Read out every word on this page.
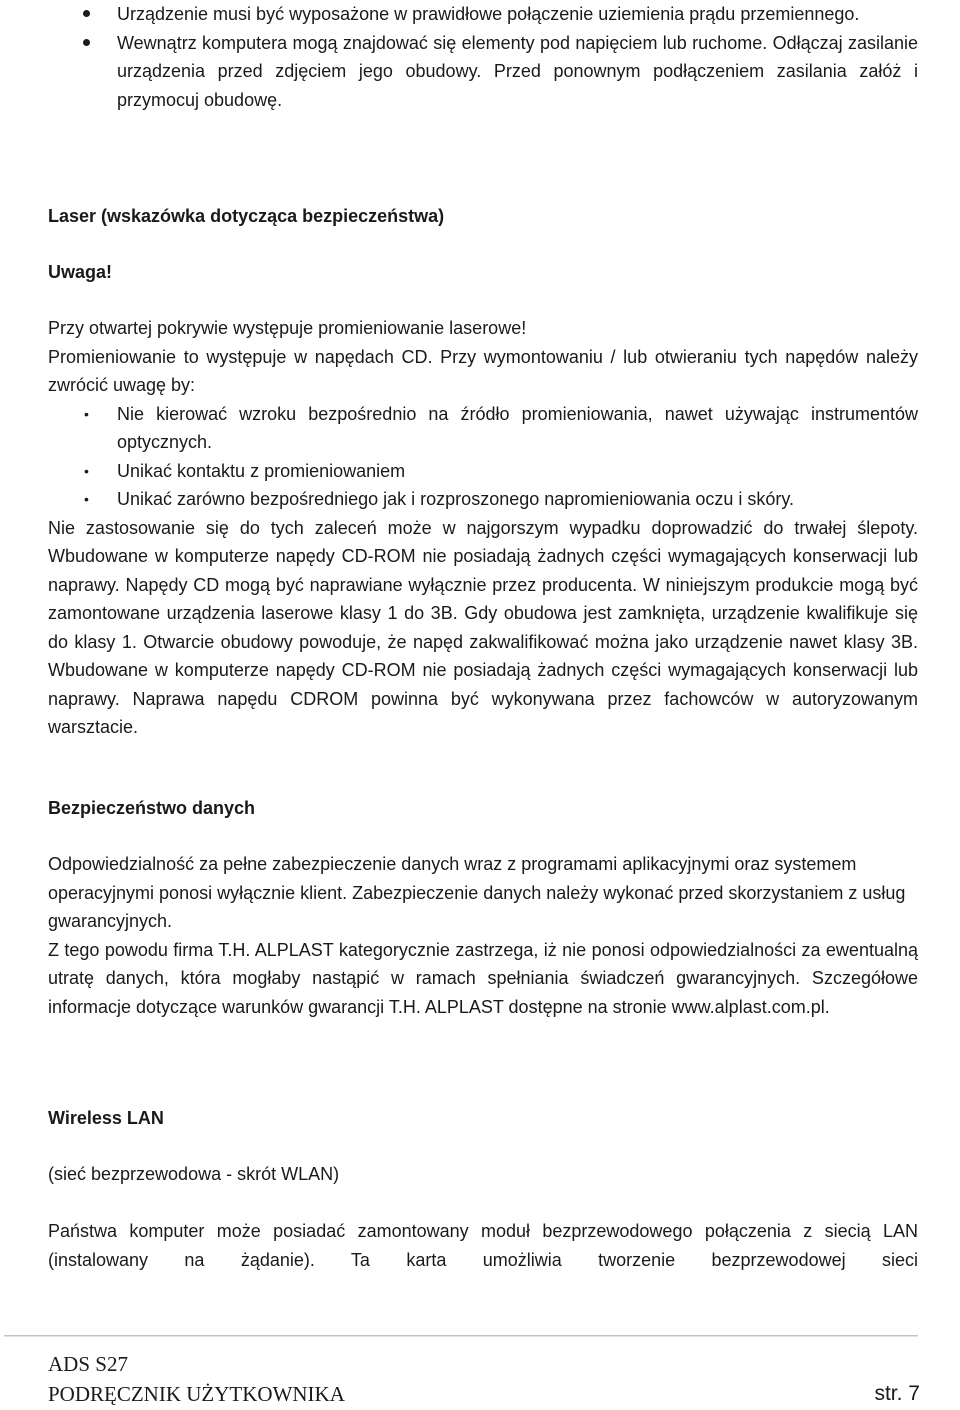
Urządzenie musi być wyposażone w prawidłowe połączenie uziemienia prądu przemiennego.
Wewnątrz komputera mogą znajdować się elementy pod napięciem lub ruchome. Odłączaj zasilanie urządzenia przed zdjęciem jego obudowy. Przed ponownym podłączeniem zasilania załóż i przymocuj obudowę.

Laser (wskazówka dotycząca bezpieczeństwa)

Uwaga!

Przy otwartej pokrywie występuje promieniowanie laserowe!

Promieniowanie to występuje w napędach CD. Przy wymontowaniu / lub otwieraniu tych napędów należy zwrócić uwagę by:

• Nie kierować wzroku bezpośrednio na źródło promieniowania, nawet używając instrumentów optycznych.
• Unikać kontaktu z promieniowaniem
• Unikać zarówno bezpośredniego jak i rozproszonego napromieniowania oczu i skóry.

Nie zastosowanie się do tych zaleceń może w najgorszym wypadku doprowadzić do trwałej ślepoty. Wbudowane w komputerze napędy CD-ROM nie posiadają żadnych części wymagających konserwacji lub naprawy. Napędy CD mogą być naprawiane wyłącznie przez producenta. W niniejszym produkcie mogą być zamontowane urządzenia laserowe klasy 1 do 3B. Gdy obudowa jest zamknięta, urządzenie kwalifikuje się do klasy 1. Otwarcie obudowy powoduje, że napęd zakwalifikować można jako urządzenie nawet klasy 3B. Wbudowane w komputerze napędy CD-ROM nie posiadają żadnych części wymagających konserwacji lub naprawy. Naprawa napędu CDROM powinna być wykonywana przez fachowców w autoryzowanym warsztacie.

Bezpieczeństwo danych

Odpowiedzialność za pełne zabezpieczenie danych wraz z programami aplikacyjnymi oraz systemem operacyjnymi ponosi wyłącznie klient. Zabezpieczenie danych należy wykonać przed skorzystaniem z usług gwarancyjnych.

Z tego powodu firma T.H. ALPLAST kategorycznie zastrzega, iż nie ponosi odpowiedzialności za ewentualną utratę danych, która mogłaby nastąpić w ramach spełniania świadczeń gwarancyjnych. Szczegółowe informacje dotyczące warunków gwarancji T.H. ALPLAST dostępne na stronie www.alplast.com.pl.

Wireless LAN

(sieć bezprzewodowa - skrót WLAN)

Państwa komputer może posiadać zamontowany moduł bezprzewodowego połączenia z siecią LAN (instalowany na żądanie). Ta karta umożliwia tworzenie bezprzewodowej sieci

ADS S27
PODRĘCZNIK UŻYTKOWNIKA	str. 7
